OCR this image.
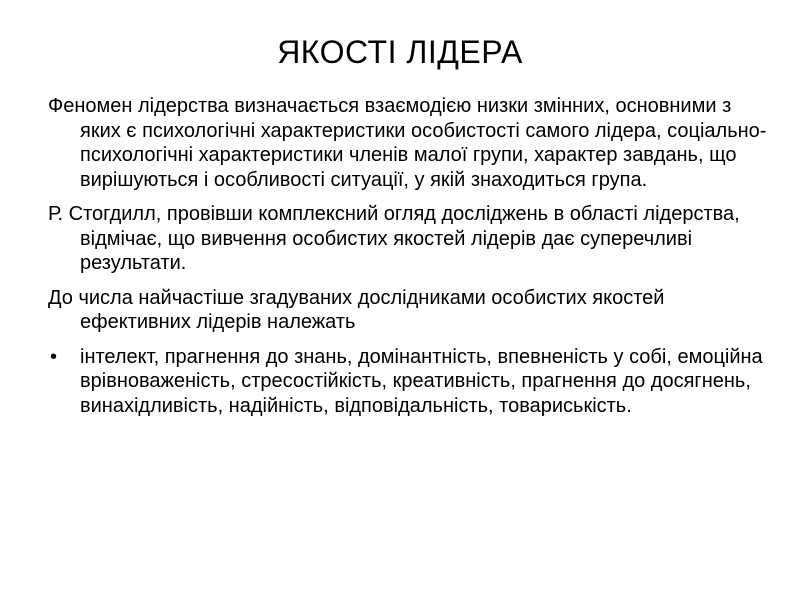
ЯКОСТІ ЛІДЕРА

Феномен лідерства визначається взаємодією низки змінних, основними з яких є психологічні характеристики особистості самого лідера, соціально-психологічні характеристики членів малої групи, характер завдань, що вирішуються і особливості ситуації, у якій знаходиться група.

Р. Стогдилл, провівши комплексний огляд досліджень в області лідерства, відмічає, що вивчення особистих якостей лідерів дає суперечливі результати.

До числа найчастіше згадуваних дослідниками особистих якостей ефективних лідерів належать

• інтелект, прагнення до знань, домінантність, впевненість у собі, емоційна врівноваженість, стресостійкість, креативність, прагнення до досягнень, винахідливість, надійність, відповідальність, товариськість.
